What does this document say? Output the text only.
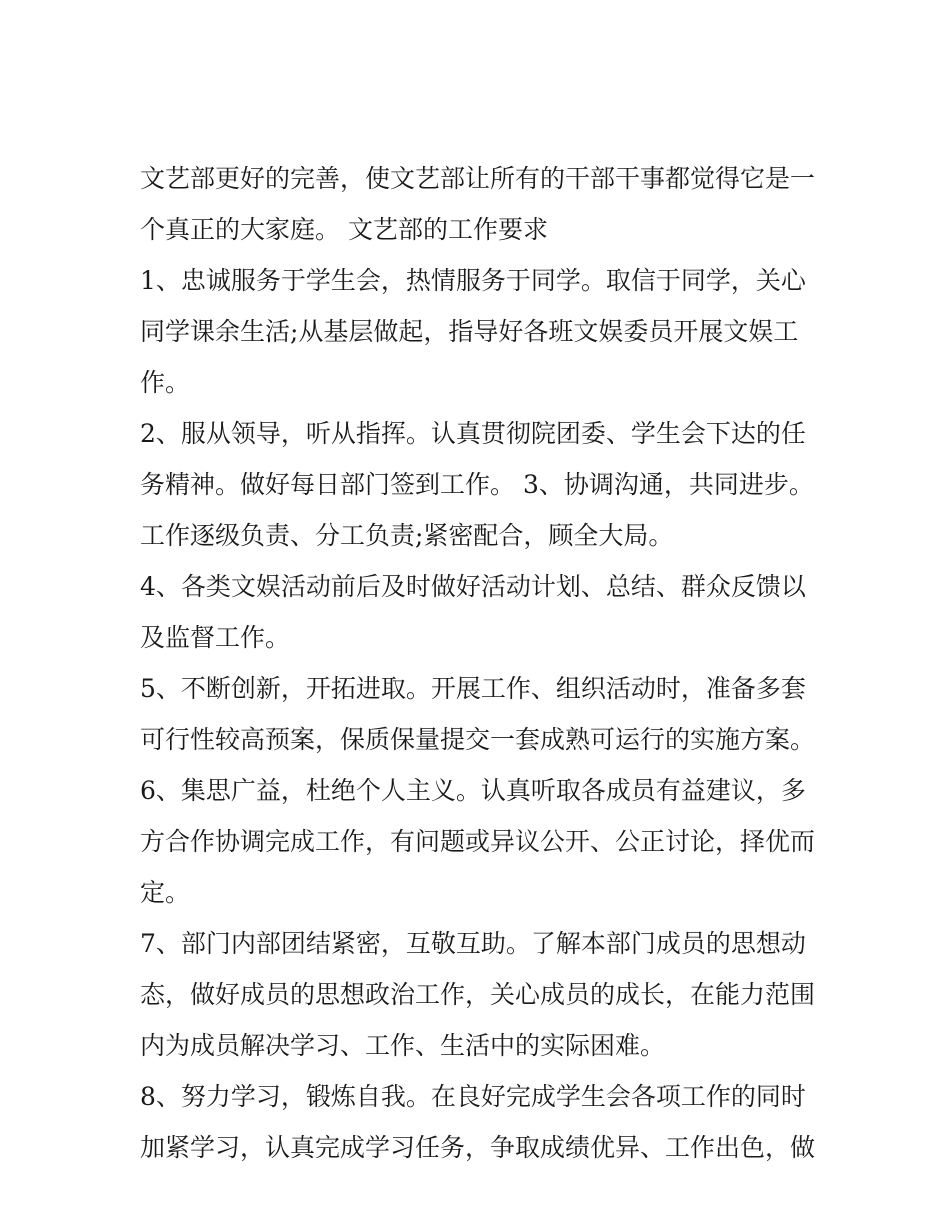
文艺部更好的完善，使文艺部让所有的干部干事都觉得它是一
个真正的大家庭。 文艺部的工作要求
1、忠诚服务于学生会，热情服务于同学。取信于同学，关心
同学课余生活;从基层做起，指导好各班文娱委员开展文娱工
作。
2、服从领导，听从指挥。认真贯彻院团委、学生会下达的任
务精神。做好每日部门签到工作。 3、协调沟通，共同进步。
工作逐级负责、分工负责;紧密配合，顾全大局。
4、各类文娱活动前后及时做好活动计划、总结、群众反馈以
及监督工作。
5、不断创新，开拓进取。开展工作、组织活动时，准备多套
可行性较高预案，保质保量提交一套成熟可运行的实施方案。
6、集思广益，杜绝个人主义。认真听取各成员有益建议，多
方合作协调完成工作，有问题或异议公开、公正讨论，择优而
定。
7、部门内部团结紧密，互敬互助。了解本部门成员的思想动
态，做好成员的思想政治工作，关心成员的成长，在能力范围
内为成员解决学习、工作、生活中的实际困难。
8、努力学习，锻炼自我。在良好完成学生会各项工作的同时
加紧学习，认真完成学习任务，争取成绩优异、工作出色，做
